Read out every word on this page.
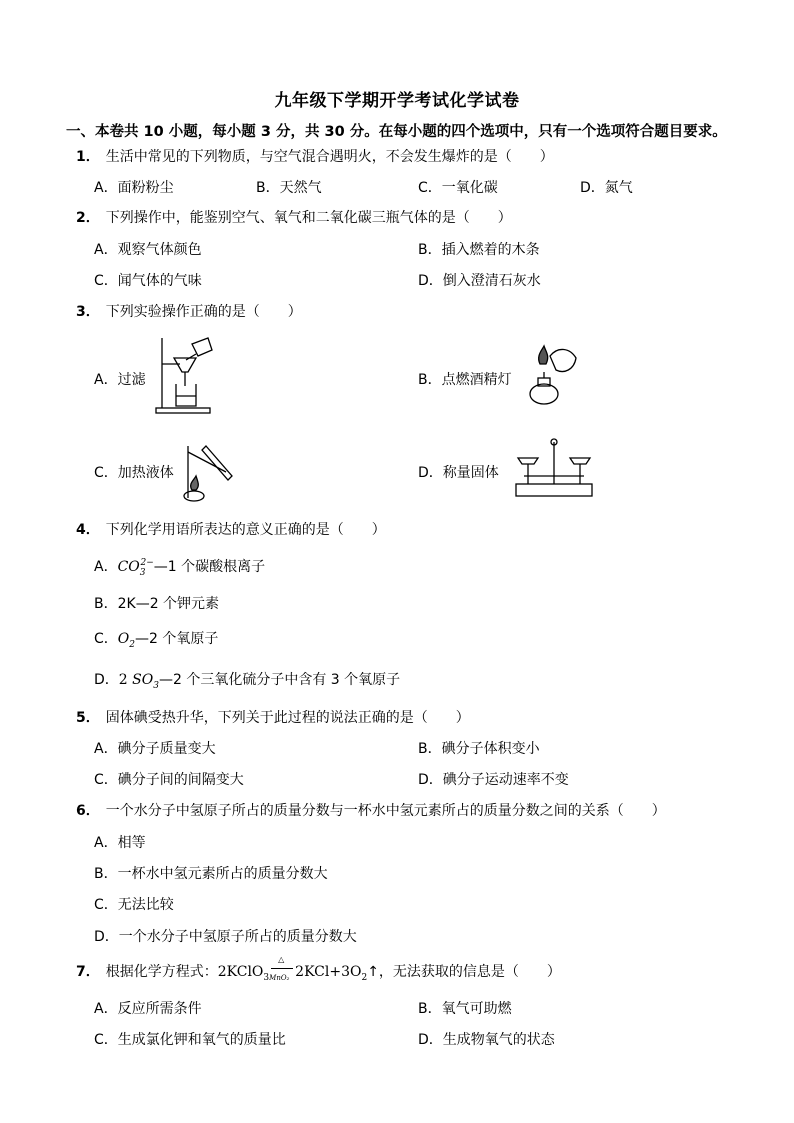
九年级下学期开学考试化学试卷
一、本卷共 10 小题，每小题 3 分，共 30 分。在每小题的四个选项中，只有一个选项符合题目要求。
1． 生活中常见的下列物质，与空气混合遇明火，不会发生爆炸的是（　　）
A．面粉粉尘	B．天然气	C．一氧化碳	D．氮气
2． 下列操作中，能鉴别空气、氧气和二氧化碳三瓶气体的是（　　）
A．观察气体颜色	B．插入燃着的木条
C．闻气体的气味	D．倒入澄清石灰水
3． 下列实验操作正确的是（　　）
A．过滤	B．点燃酒精灯
C．加热液体	D．称量固体
4． 下列化学用语所表达的意义正确的是（　　）
A．$CO_3^{2-}—1$ 个碳酸根离子
B．2K—2 个钾元素
C．$O_2—2$ 个氧原子
D．2 $SO_3—2$ 个三氧化硫分子中含有 3 个氧原子
5． 固体碘受热升华，下列关于此过程的说法正确的是（　　）
A．碘分子质量变大	B．碘分子体积变小
C．碘分子间的间隔变大	D．碘分子运动速率不变
6． 一个水分子中氢原子所占的质量分数与一杯水中氢元素所占的质量分数之间的关系（　　）
A．相等
B．一杯水中氢元素所占的质量分数大
C．无法比较
D．一个水分子中氢原子所占的质量分数大
7． 根据化学方程式：2KClO$_3$
△
MnO₂ $2KCl+3O_2↑$，无法获取的信息是（　　）
A．反应所需条件	B．氧气可助燃
C．生成氯化钾和氧气的质量比	D．生成物氧气的状态
